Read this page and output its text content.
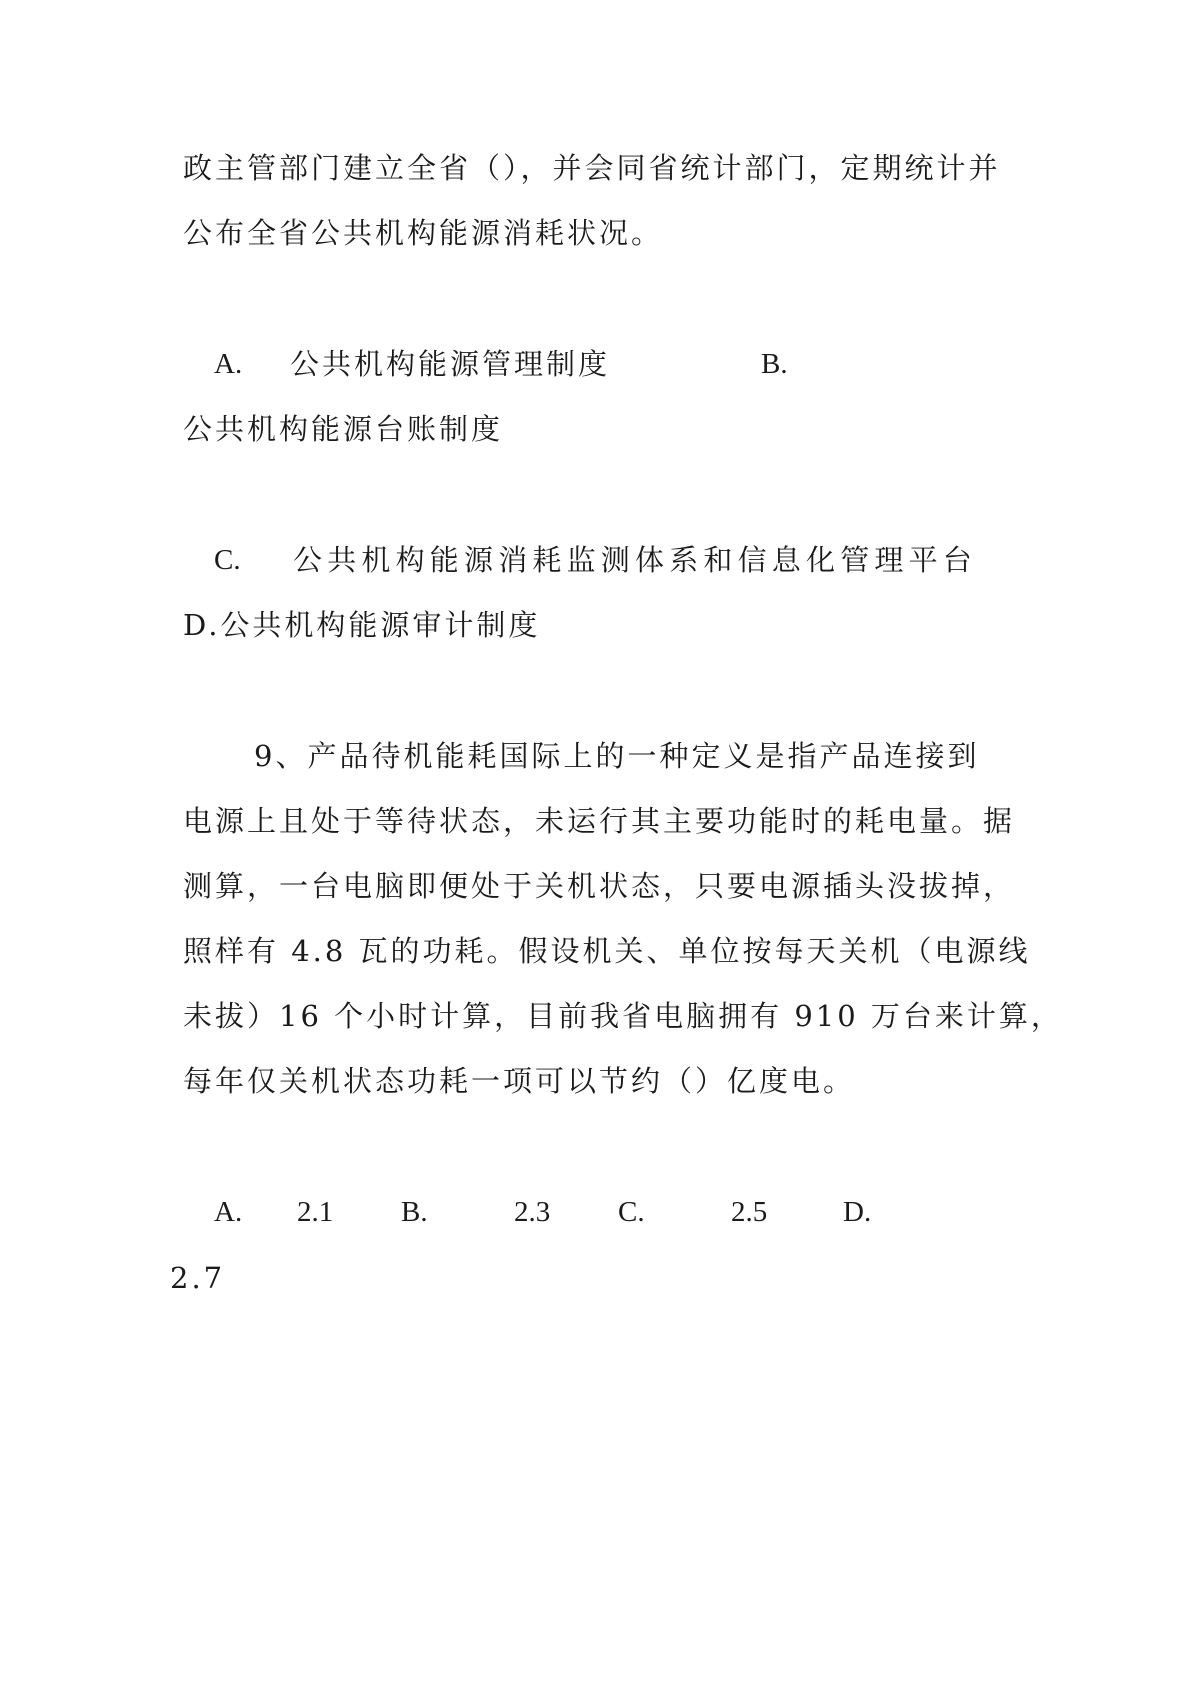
政主管部门建立全省（），并会同省统计部门，定期统计并
公布全省公共机构能源消耗状况。
A. 公共机构能源管理制度	B.
公共机构能源台账制度
C. 公共机构能源消耗监测体系和信息化管理平台
D.公共机构能源审计制度
9、产品待机能耗国际上的一种定义是指产品连接到
电源上且处于等待状态，未运行其主要功能时的耗电量。据
测算，一台电脑即便处于关机状态，只要电源插头没拔掉，
照样有 4.8 瓦的功耗。假设机关、单位按每天关机（电源线
未拔）16 个小时计算，目前我省电脑拥有 910 万台来计算，
每年仅关机状态功耗一项可以节约（）亿度电。
A. 2.1 B.	2.3 C.	2.5	D.
2.7
